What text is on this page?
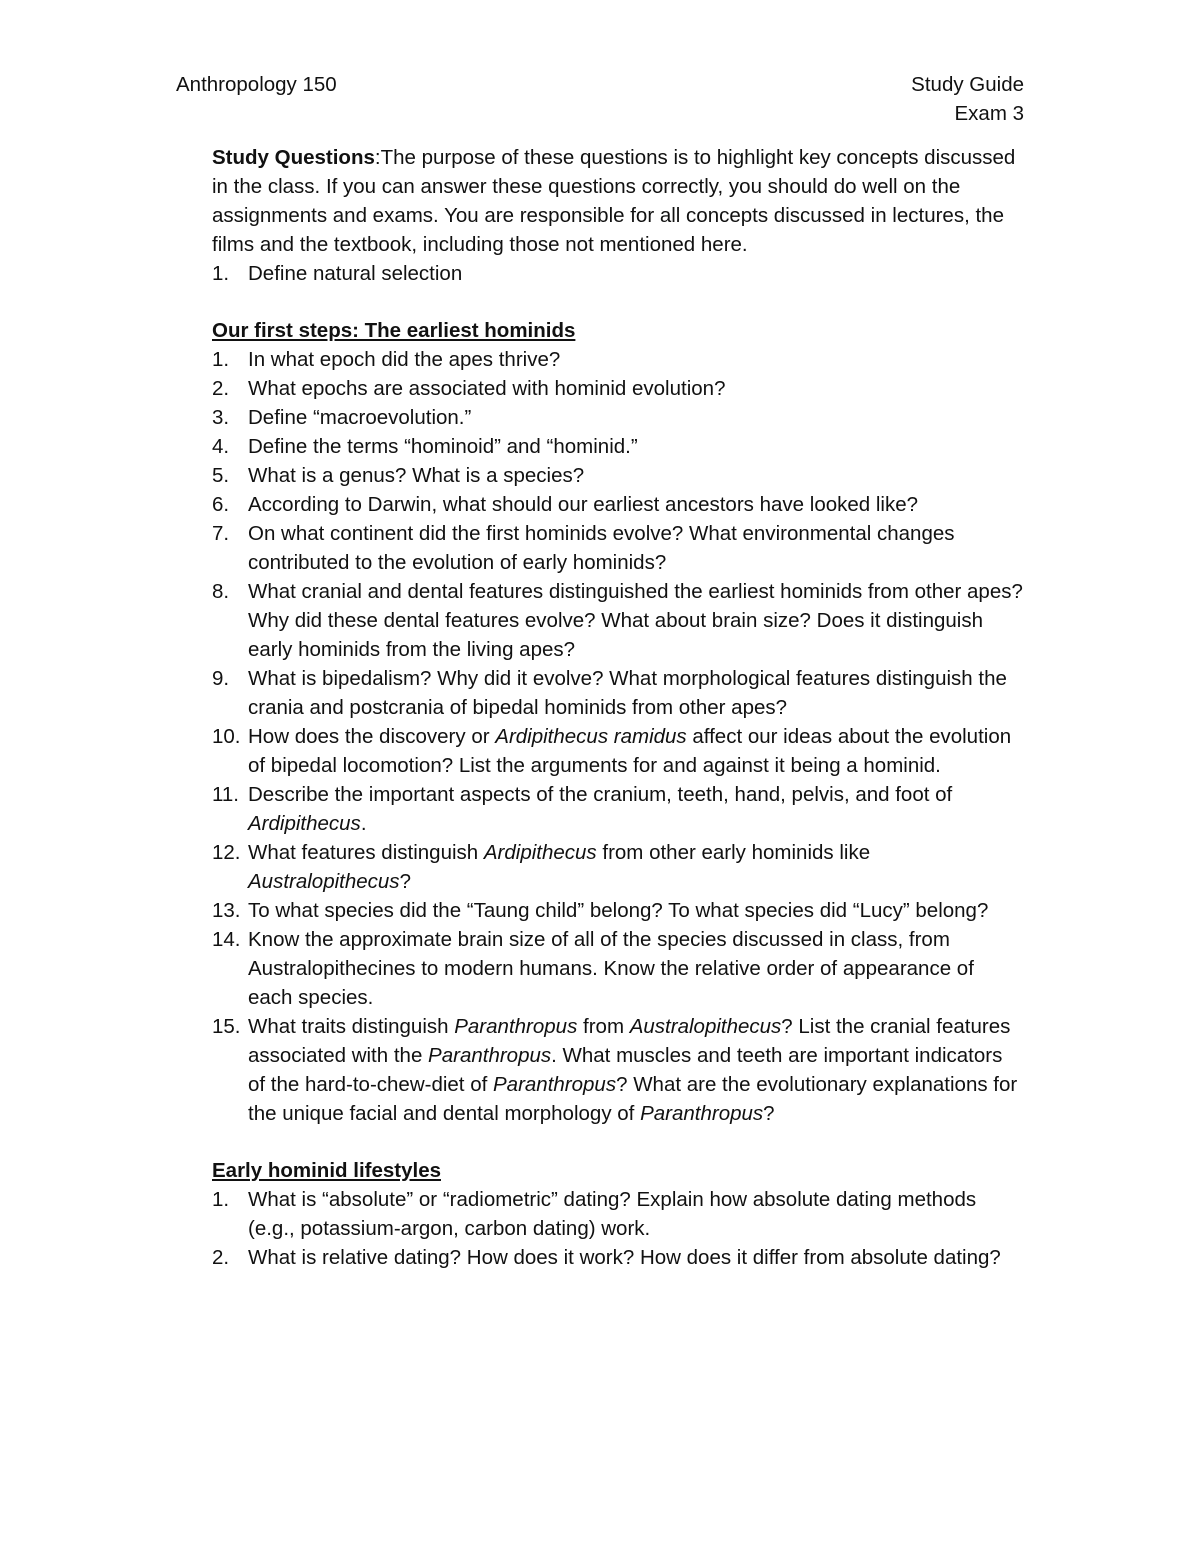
Anthropology 150	Study Guide
Exam 3
Study Questions:The purpose of these questions is to highlight key concepts discussed in the class. If you can answer these questions correctly, you should do well on the assignments and exams. You are responsible for all concepts discussed in lectures, the films and the textbook, including those not mentioned here.
1. Define natural selection
Our first steps: The earliest hominids
1. In what epoch did the apes thrive?
2. What epochs are associated with hominid evolution?
3. Define “macroevolution.”
4. Define the terms “hominoid” and “hominid.”
5. What is a genus? What is a species?
6. According to Darwin, what should our earliest ancestors have looked like?
7. On what continent did the first hominids evolve? What environmental changes contributed to the evolution of early hominids?
8. What cranial and dental features distinguished the earliest hominids from other apes? Why did these dental features evolve? What about brain size? Does it distinguish early hominids from the living apes?
9. What is bipedalism? Why did it evolve? What morphological features distinguish the crania and postcrania of bipedal hominids from other apes?
10. How does the discovery or Ardipithecus ramidus affect our ideas about the evolution of bipedal locomotion? List the arguments for and against it being a hominid.
11. Describe the important aspects of the cranium, teeth, hand, pelvis, and foot of Ardipithecus.
12. What features distinguish Ardipithecus from other early hominids like Australopithecus?
13. To what species did the “Taung child” belong? To what species did “Lucy” belong?
14. Know the approximate brain size of all of the species discussed in class, from Australopithecines to modern humans. Know the relative order of appearance of each species.
15. What traits distinguish Paranthropus from Australopithecus? List the cranial features associated with the Paranthropus. What muscles and teeth are important indicators of the hard-to-chew-diet of Paranthropus? What are the evolutionary explanations for the unique facial and dental morphology of Paranthropus?
Early hominid lifestyles
1. What is “absolute” or “radiometric” dating? Explain how absolute dating methods (e.g., potassium-argon, carbon dating) work.
2. What is relative dating? How does it work? How does it differ from absolute dating?
